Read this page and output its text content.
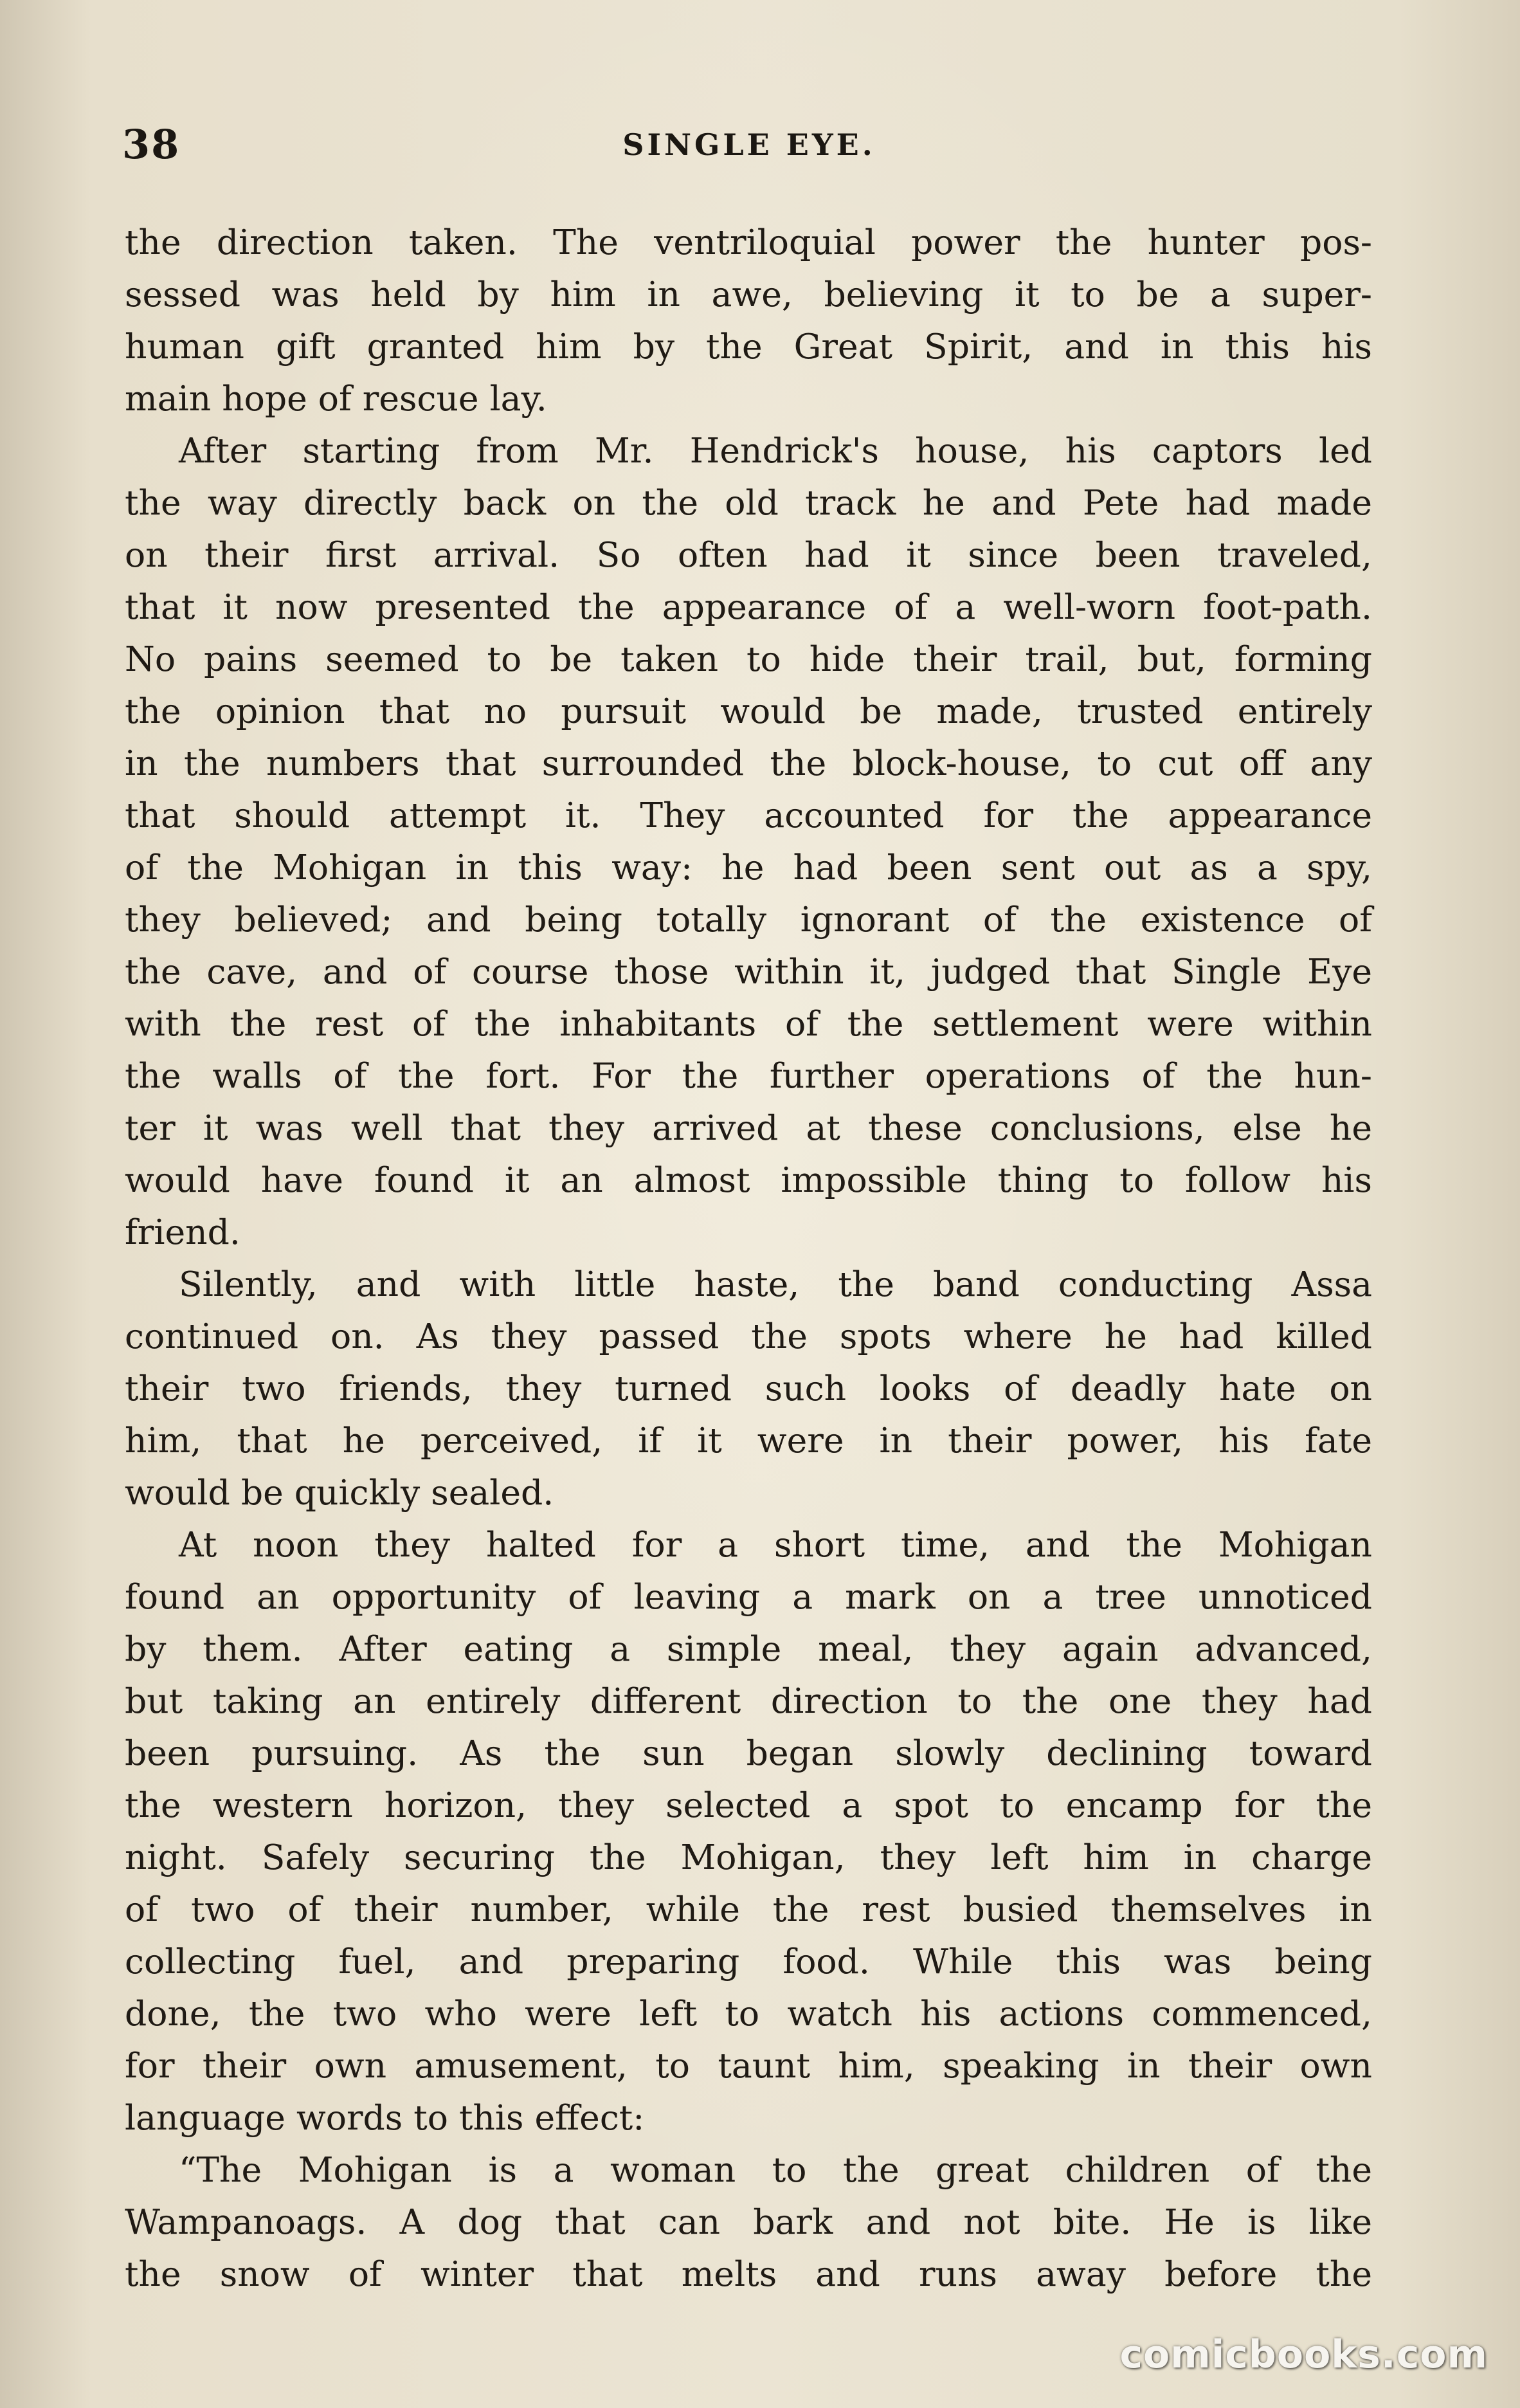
38	SINGLE EYE.
the direction taken. The ventriloquial power the hunter pos-
sessed was held by him in awe, believing it to be a super-
human gift granted him by the Great Spirit, and in this his
main hope of rescue lay.
After starting from Mr. Hendrick's house, his captors led
the way directly back on the old track he and Pete had made
on their first arrival. So often had it since been traveled,
that it now presented the appearance of a well-worn foot-path.
No pains seemed to be taken to hide their trail, but, forming
the opinion that no pursuit would be made, trusted entirely
in the numbers that surrounded the block-house, to cut off any
that should attempt it. They accounted for the appearance
of the Mohigan in this way: he had been sent out as a spy,
they believed; and being totally ignorant of the existence of
the cave, and of course those within it, judged that Single Eye
with the rest of the inhabitants of the settlement were within
the walls of the fort. For the further operations of the hun-
ter it was well that they arrived at these conclusions, else he
would have found it an almost impossible thing to follow his
friend.
Silently, and with little haste, the band conducting Assa
continued on. As they passed the spots where he had killed
their two friends, they turned such looks of deadly hate on
him, that he perceived, if it were in their power, his fate
would be quickly sealed.
At noon they halted for a short time, and the Mohigan
found an opportunity of leaving a mark on a tree unnoticed
by them. After eating a simple meal, they again advanced,
but taking an entirely different direction to the one they had
been pursuing. As the sun began slowly declining toward
the western horizon, they selected a spot to encamp for the
night. Safely securing the Mohigan, they left him in charge
of two of their number, while the rest busied themselves in
collecting fuel, and preparing food. While this was being
done, the two who were left to watch his actions commenced,
for their own amusement, to taunt him, speaking in their own
language words to this effect:
“The Mohigan is a woman to the great children of the
Wampanoags. A dog that can bark and not bite. He is like
the snow of winter that melts and runs away before the
comicbooks.com
